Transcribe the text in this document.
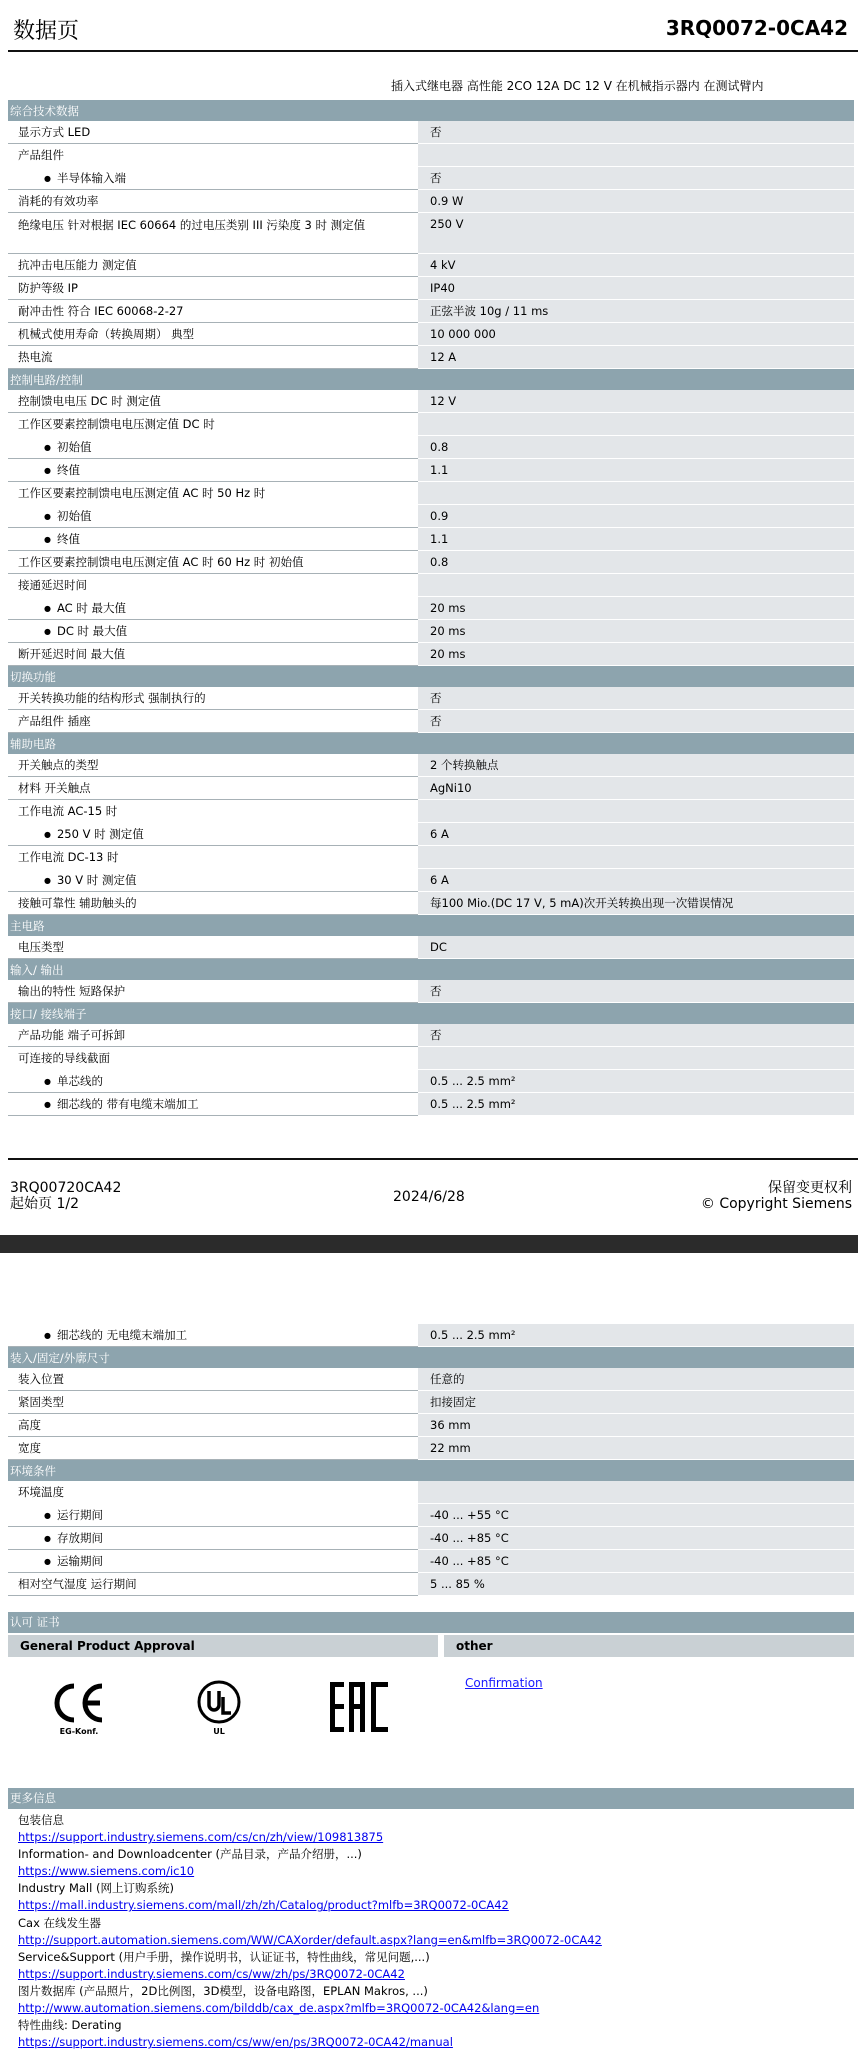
数据页	3RQ0072-0CA42
插入式继电器 高性能 2CO 12A DC 12 V 在机械指示器内 在测试臂内
综合技术数据	
显示方式 LED	否
产品组件	
● 半导体输入端	否
消耗的有效功率	0.9 W
绝缘电压 针对根据 IEC 60664 的过电压类别 III 污染度 3 时 测定值	250 V
抗冲击电压能力 测定值	4 kV
防护等级 IP	IP40
耐冲击性 符合 IEC 60068-2-27	正弦半波 10g / 11 ms
机械式使用寿命（转换周期） 典型	10 000 000
热电流	12 A
控制电路/控制	
控制馈电电压 DC 时 测定值	12 V
工作区要素控制馈电电压测定值 DC 时	
● 初始值	0.8
● 终值	1.1
工作区要素控制馈电电压测定值 AC 时 50 Hz 时	
● 初始值	0.9
● 终值	1.1
工作区要素控制馈电电压测定值 AC 时 60 Hz 时 初始值	0.8
接通延迟时间	
● AC 时 最大值	20 ms
● DC 时 最大值	20 ms
断开延迟时间 最大值	20 ms
切换功能	
开关转换功能的结构形式 强制执行的	否
产品组件 插座	否
辅助电路	
开关触点的类型	2 个转换触点
材料 开关触点	AgNi10
工作电流 AC-15 时	
● 250 V 时 测定值	6 A
工作电流 DC-13 时	
● 30 V 时 测定值	6 A
接触可靠性 辅助触头的	每100 Mio.(DC 17 V, 5 mA)次开关转换出现一次错误情况
主电路	
电压类型	DC
输入/ 输出	
输出的特性 短路保护	否
接口/ 接线端子	
产品功能 端子可拆卸	否
可连接的导线截面	
● 单芯线的	0.5 ... 2.5 mm²
● 细芯线的 带有电缆末端加工	0.5 ... 2.5 mm²
3RQ00720CA42
起始页 1/2	2024/6/28
保留变更权利
© Copyright Siemens
● 细芯线的 无电缆末端加工	0.5 ... 2.5 mm²
装入/固定/外廓尺寸	
装入位置	任意的
紧固类型	扣接固定
高度	36 mm
宽度	22 mm
环境条件	
环境温度	
● 运行期间	-40 ... +55 °C
● 存放期间	-40 ... +85 °C
● 运输期间	-40 ... +85 °C
相对空气湿度 运行期间	5 ... 85 %
认可 证书
General Product Approval	other
EG-Konf.	UL
Confirmation
更多信息
包装信息
https://support.industry.siemens.com/cs/cn/zh/view/109813875
Information- and Downloadcenter (产品目录，产品介绍册，...)
https://www.siemens.com/ic10
Industry Mall (网上订购系统)
https://mall.industry.siemens.com/mall/zh/zh/Catalog/product?mlfb=3RQ0072-0CA42
Cax 在线发生器
http://support.automation.siemens.com/WW/CAXorder/default.aspx?lang=en&mlfb=3RQ0072-0CA42
Service&Support (用户手册，操作说明书，认证证书，特性曲线，常见问题,...)
https://support.industry.siemens.com/cs/ww/zh/ps/3RQ0072-0CA42
图片数据库 (产品照片，2D比例图，3D模型，设备电路图，EPLAN Makros, ...)
http://www.automation.siemens.com/bilddb/cax_de.aspx?mlfb=3RQ0072-0CA42&lang=en
特性曲线: Derating
https://support.industry.siemens.com/cs/ww/en/ps/3RQ0072-0CA42/manual
